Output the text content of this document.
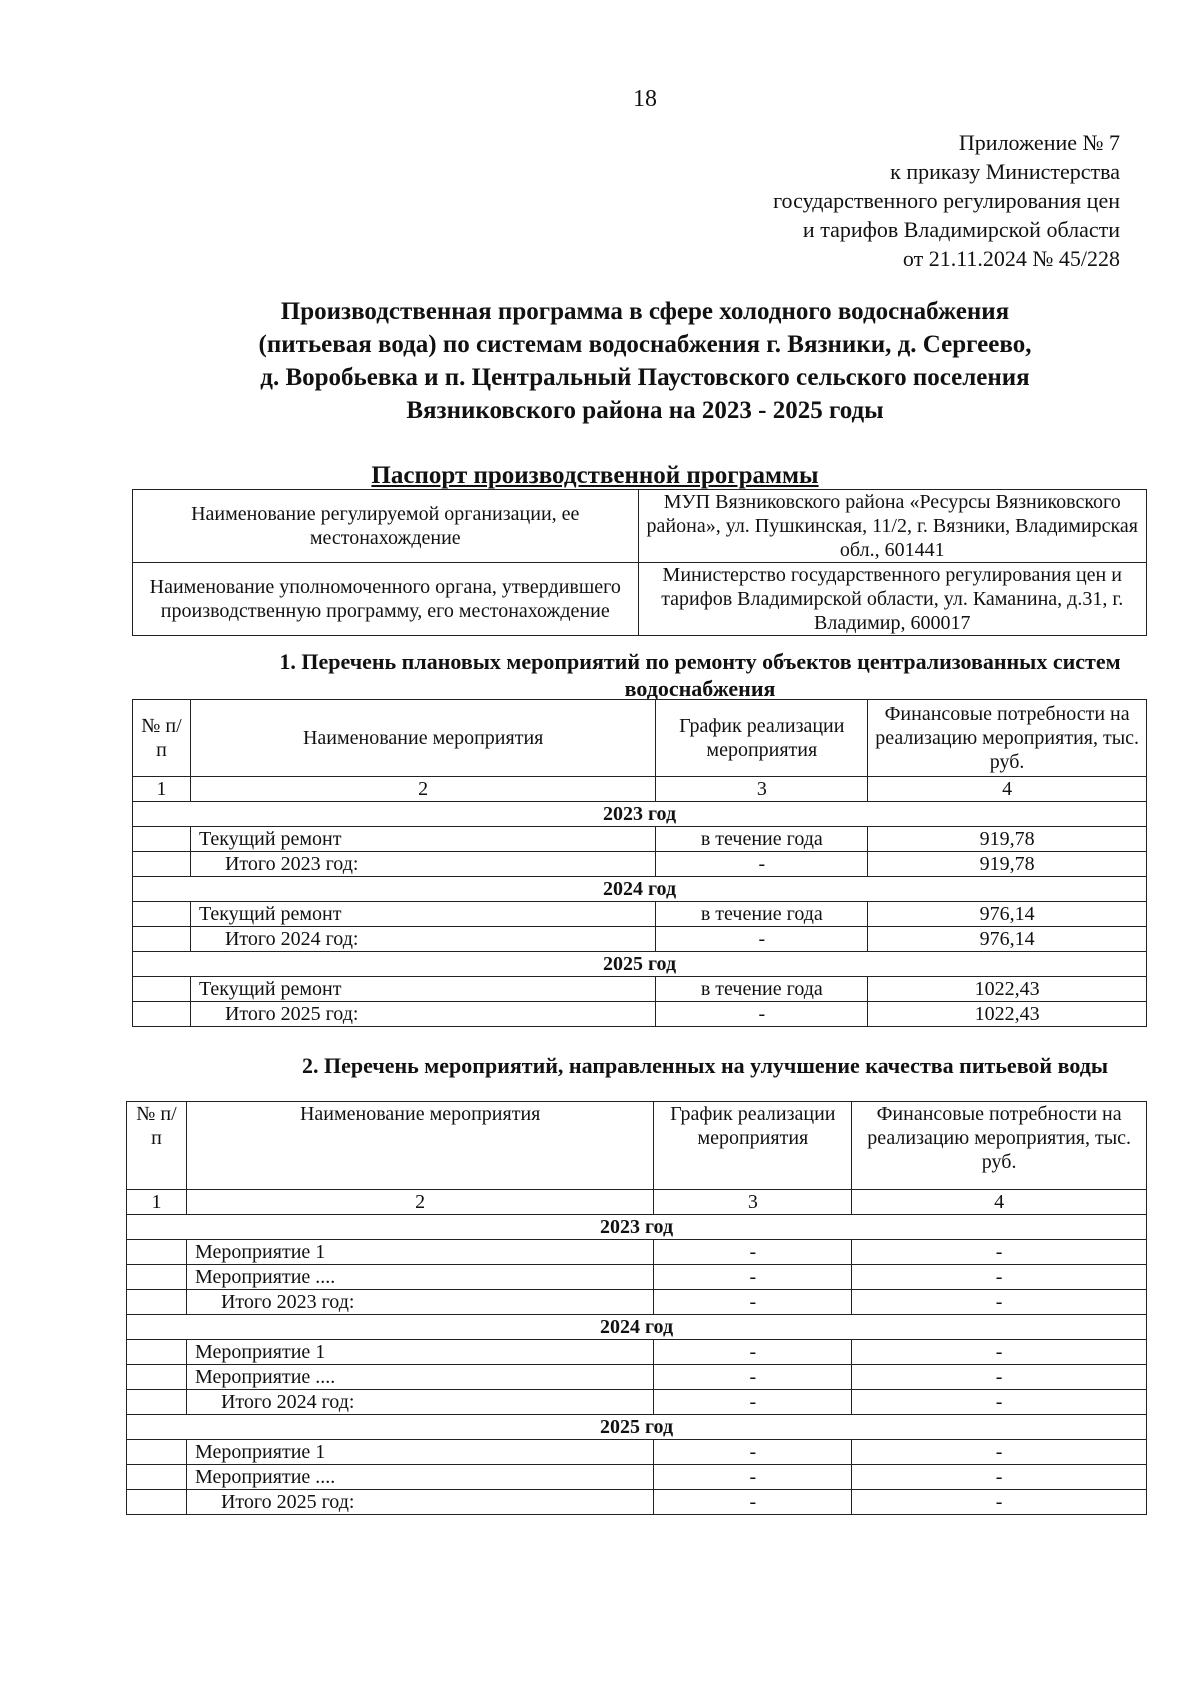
18
Приложение № 7
к приказу Министерства
государственного регулирования цен
и тарифов Владимирской области
от 21.11.2024 № 45/228
Производственная программа в сфере холодного водоснабжения
(питьевая вода) по системам водоснабжения г. Вязники, д. Сергеево,
д. Воробьевка и п. Центральный Паустовского сельского поселения
Вязниковского района на 2023 - 2025 годы
Паспорт производственной программы
Наименование регулируемой организации, ее местонахождение	МУП Вязниковского района «Ресурсы Вязниковского района», ул. Пушкинская, 11/2, г. Вязники, Владимирская обл., 601441
Наименование уполномоченного органа, утвердившего производственную программу, его местонахождение	Министерство государственного регулирования цен и тарифов Владимирской области, ул. Каманина, д.31, г. Владимир, 600017
1. Перечень плановых мероприятий по ремонту объектов централизованных систем водоснабжения
№ п/п	Наименование мероприятия	График реализации мероприятия	Финансовые потребности на реализацию мероприятия, тыс. руб.
1	2	3	4
2023 год			
	Текущий ремонт	в течение года	919,78
	Итого 2023 год:	-	919,78
2024 год			
	Текущий ремонт	в течение года	976,14
	Итого 2024 год:	-	976,14
2025 год			
	Текущий ремонт	в течение года	1022,43
	Итого 2025 год:	-	1022,43
2. Перечень мероприятий, направленных на улучшение качества питьевой воды
№ п/п	Наименование мероприятия	График реализации мероприятия	Финансовые потребности на реализацию мероприятия, тыс. руб.
1	2	3	4
2023 год			
	Мероприятие 1	-	-
	Мероприятие ....	-	-
	Итого 2023 год:	-	-
2024 год			
	Мероприятие 1	-	-
	Мероприятие ....	-	-
	Итого 2024 год:	-	-
2025 год			
	Мероприятие 1	-	-
	Мероприятие ....	-	-
	Итого 2025 год:	-	-
